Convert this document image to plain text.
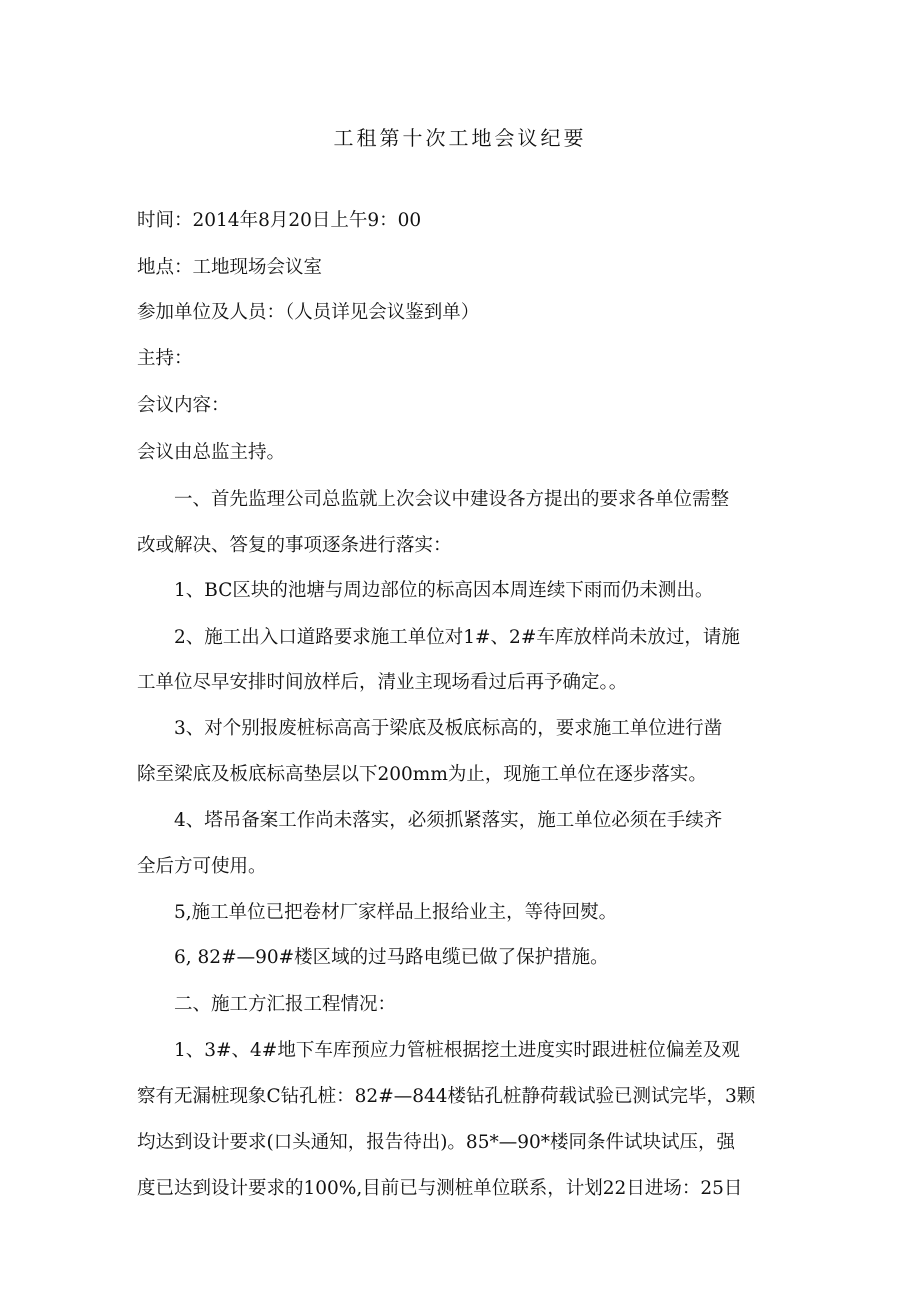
工租第十次工地会议纪要
时间：2014年8月20日上午9：00
地点：工地现场会议室
参加单位及人员：（人员详见会议鉴到单）
主持：
会议内容：
会议由总监主持。
一、首先监理公司总监就上次会议中建设各方提出的要求各单位需整
改或解决、答复的事项逐条进行落实：
1、BC区块的池塘与周边部位的标高因本周连续下雨而仍未测出。
2、施工出入口道路要求施工单位对1#、2#车库放样尚未放过，请施
工单位尽早安排时间放样后，清业主现场看过后再予确定。。
3、对个别报废桩标高高于梁底及板底标高的，要求施工单位进行凿
除至梁底及板底标高垫层以下200mm为止，现施工单位在逐步落实。
4、塔吊备案工作尚未落实，必须抓紧落实，施工单位必须在手续齐
全后方可使用。
5,施工单位已把卷材厂家样品上报给业主，等待回熨。
6, 82#—90#楼区域的过马路电缆已做了保护措施。
二、施工方汇报工程情况：
1、3#、4#地下车库预应力管桩根据挖土进度实时跟进桩位偏差及观
察有无漏桩现象C钻孔桩：82#—844楼钻孔桩静荷载试验已测试完毕，3颗
均达到设计要求(口头通知，报告待出)。85*—90*楼同条件试块试压，强
度已达到设计要求的100%,目前已与测桩单位联系，计划22日进场：25日
